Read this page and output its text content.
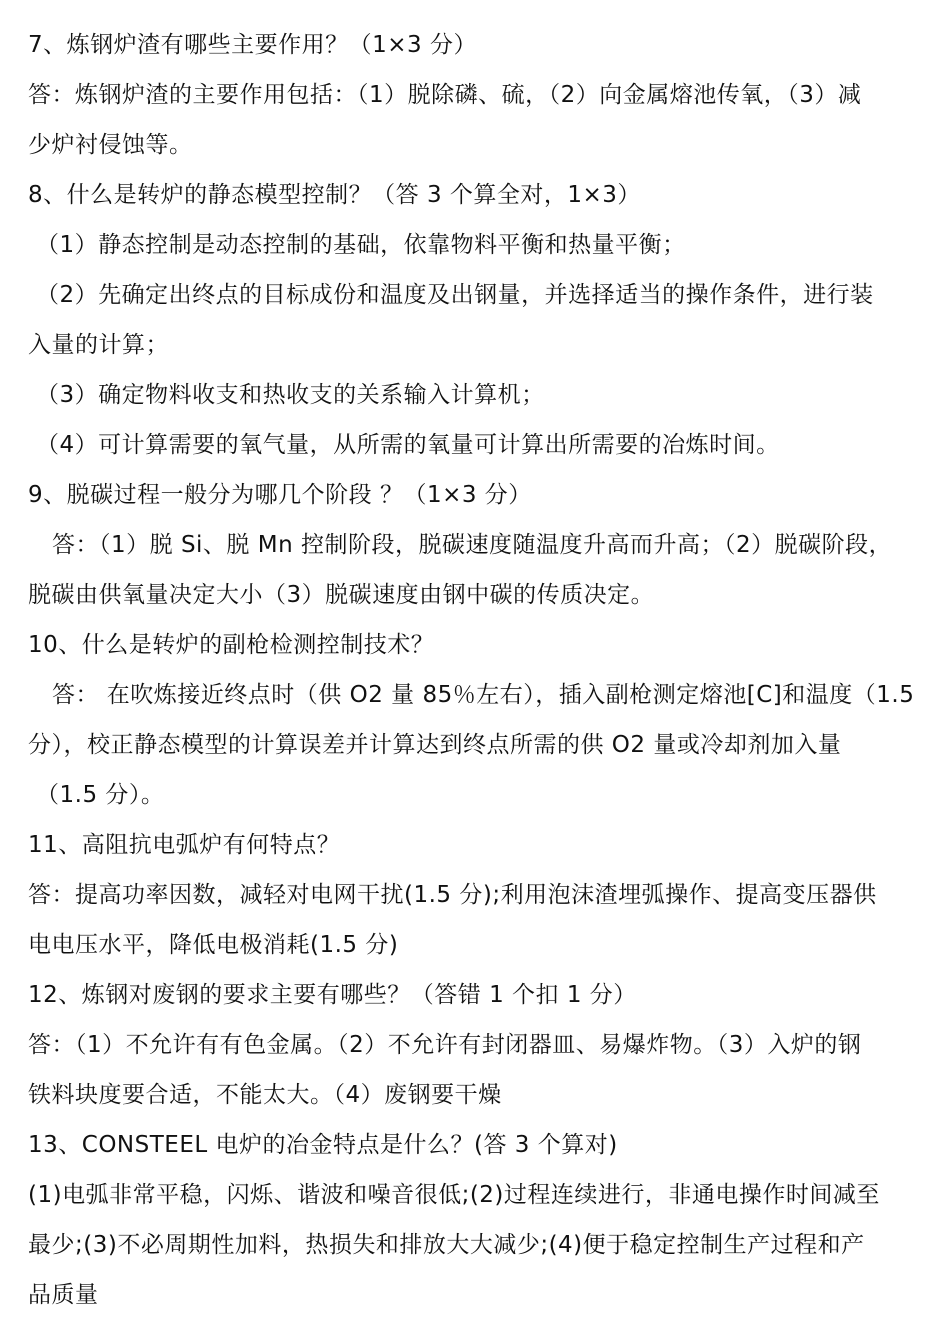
7、炼钢炉渣有哪些主要作用？（1×3 分）
答：炼钢炉渣的主要作用包括：（1）脱除磷、硫，（2）向金属熔池传氧，（3）减
少炉衬侵蚀等。
8、什么是转炉的静态模型控制？（答 3 个算全对，1×3）
（1）静态控制是动态控制的基础，依靠物料平衡和热量平衡；
（2）先确定出终点的目标成份和温度及出钢量，并选择适当的操作条件，进行装
入量的计算；
（3）确定物料收支和热收支的关系输入计算机；
（4）可计算需要的氧气量，从所需的氧量可计算出所需要的冶炼时间。
9、脱碳过程一般分为哪几个阶段 ？（1×3 分）
答：（1）脱 Si、脱 Mn 控制阶段，脱碳速度随温度升高而升高；（2）脱碳阶段，
脱碳由供氧量决定大小（3）脱碳速度由钢中碳的传质决定。
10、什么是转炉的副枪检测控制技术？
答： 在吹炼接近终点时（供 O2 量 85％左右），插入副枪测定熔池[C]和温度（1.5
分），校正静态模型的计算误差并计算达到终点所需的供 O2 量或冷却剂加入量
（1.5 分）。
11、高阻抗电弧炉有何特点？
答：提高功率因数，减轻对电网干扰(1.5 分);利用泡沫渣埋弧操作、提高变压器供
电电压水平，降低电极消耗(1.5 分)
12、炼钢对废钢的要求主要有哪些？（答错 1 个扣 1 分）
答：（1）不允许有有色金属。（2）不允许有封闭器皿、易爆炸物。（3）入炉的钢
铁料块度要合适，不能太大。（4）废钢要干燥
13、CONSTEEL 电炉的冶金特点是什么？(答 3 个算对)
(1)电弧非常平稳，闪烁、谐波和噪音很低;(2)过程连续进行，非通电操作时间减至
最少;(3)不必周期性加料，热损失和排放大大减少;(4)便于稳定控制生产过程和产
品质量
